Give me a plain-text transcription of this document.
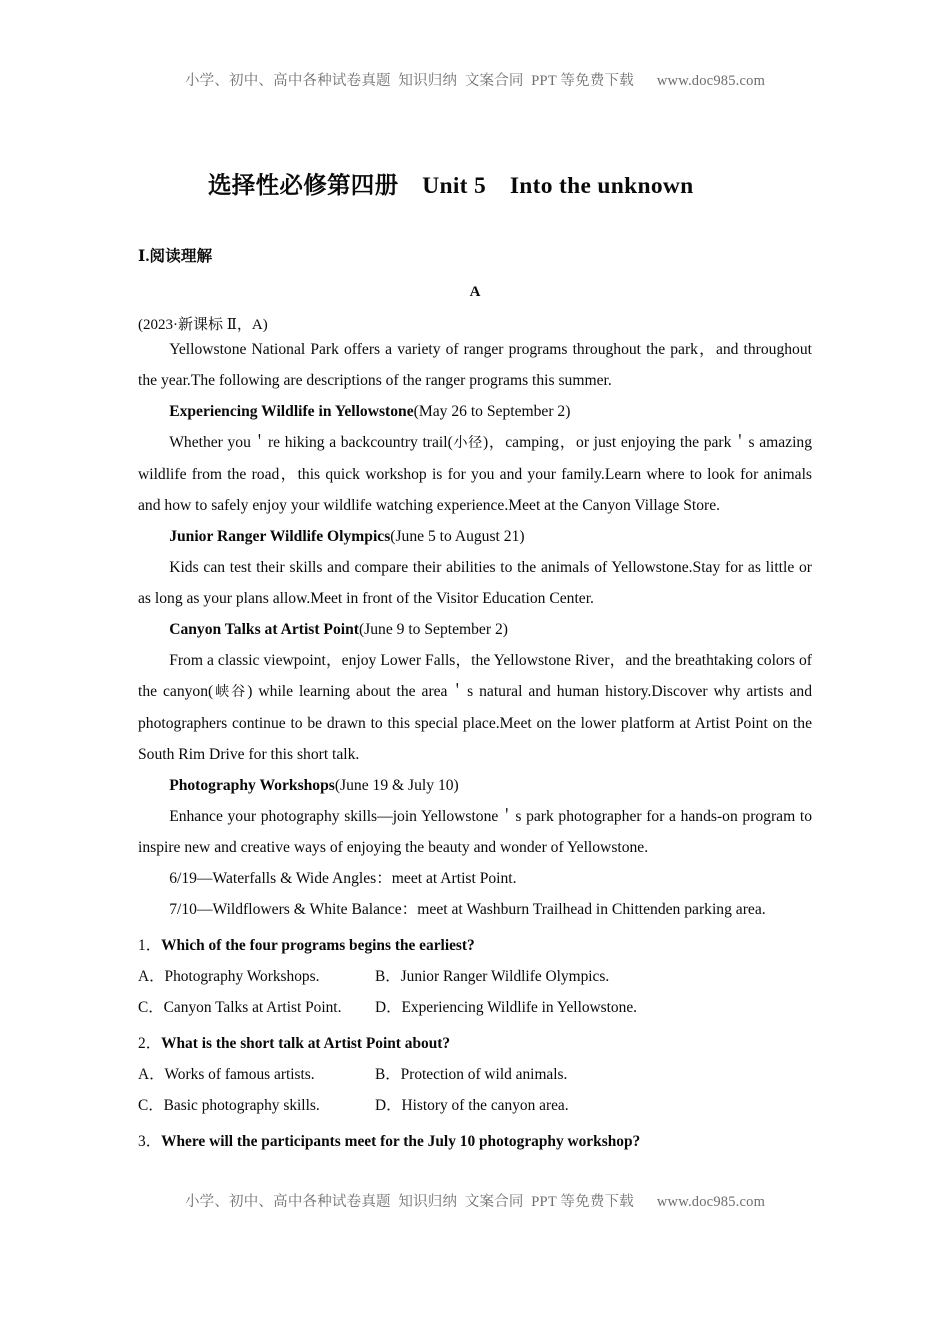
小学、初中、高中各种试卷真题  知识归纳  文案合同  PPT 等免费下载      www.doc985.com
选择性必修第四册　Unit 5　Into the unknown
Ⅰ.阅读理解
A
(2023·新课标 Ⅱ，A)

Yellowstone National Park offers a variety of ranger programs throughout the park，and throughout the year.The following are descriptions of the ranger programs this summer.

Experiencing Wildlife in Yellowstone(May 26 to September 2)

Whether you＇re hiking a backcountry trail(小径)，camping，or just enjoying the park＇s amazing wildlife from the road，this quick workshop is for you and your family.Learn where to look for animals and how to safely enjoy your wildlife watching experience.Meet at the Canyon Village Store.

Junior Ranger Wildlife Olympics(June 5 to August 21)

Kids can test their skills and compare their abilities to the animals of Yellowstone.Stay for as little or as long as your plans allow.Meet in front of the Visitor Education Center.

Canyon Talks at Artist Point(June 9 to September 2)

From a classic viewpoint，enjoy Lower Falls，the Yellowstone River，and the breathtaking colors of the canyon(峡谷) while learning about the area＇s natural and human history.Discover why artists and photographers continue to be drawn to this special place.Meet on the lower platform at Artist Point on the South Rim Drive for this short talk.

Photography Workshops(June 19 & July 10)

Enhance your photography skills—join Yellowstone＇s park photographer for a hands-on program to inspire new and creative ways of enjoying the beauty and wonder of Yellowstone.

6/19—Waterfalls & Wide Angles：meet at Artist Point.

7/10—Wildflowers & White Balance：meet at Washburn Trailhead in Chittenden parking area.

1．Which of the four programs begins the earliest?
A．Photography Workshops.	B．Junior Ranger Wildlife Olympics.
C．Canyon Talks at Artist Point.	D．Experiencing Wildlife in Yellowstone.
2．What is the short talk at Artist Point about?
A．Works of famous artists.	B．Protection of wild animals.
C．Basic photography skills.	D．History of the canyon area.
3．Where will the participants meet for the July 10 photography workshop?
小学、初中、高中各种试卷真题  知识归纳  文案合同  PPT 等免费下载      www.doc985.com
